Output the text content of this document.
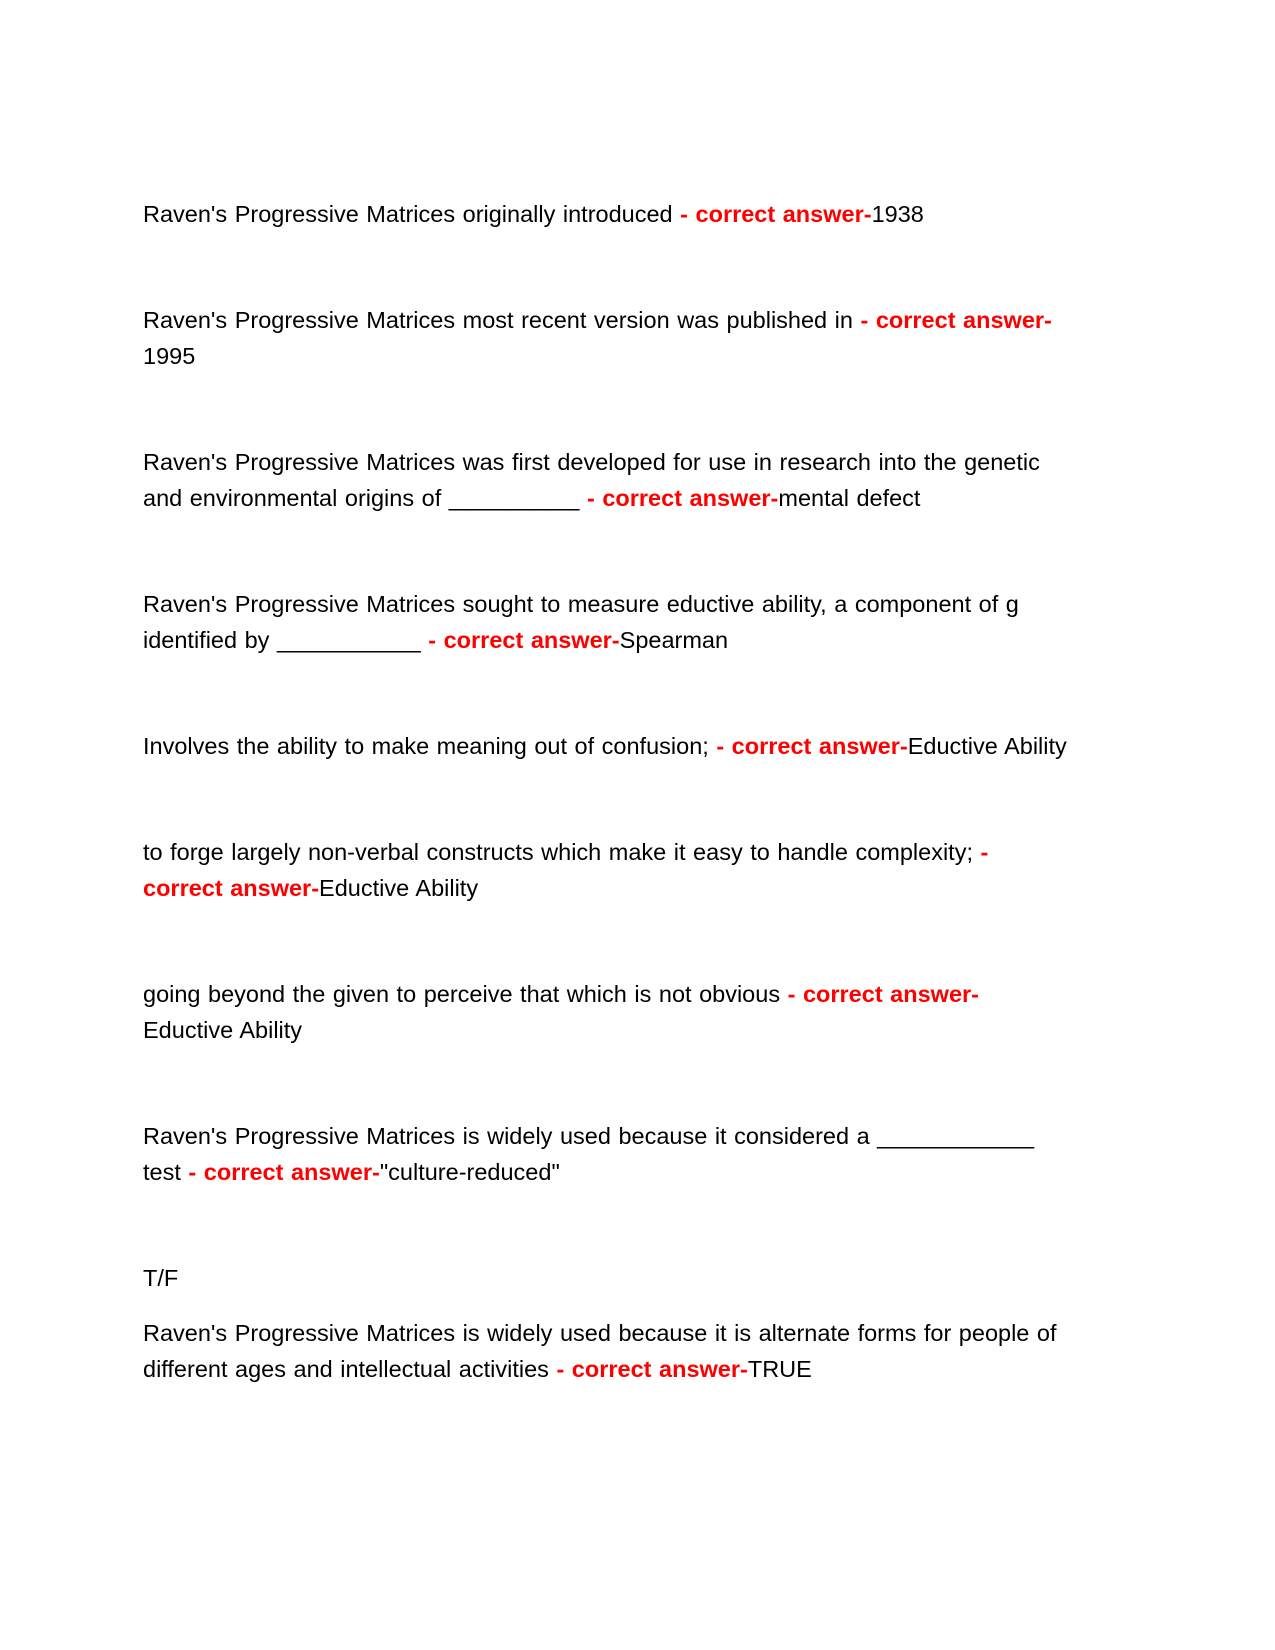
Raven's Progressive Matrices originally introduced - correct answer-1938

Raven's Progressive Matrices most recent version was published in - correct answer-1995

Raven's Progressive Matrices was first developed for use in research into the genetic and environmental origins of __________ - correct answer-mental defect

Raven's Progressive Matrices sought to measure eductive ability, a component of g identified by ___________ - correct answer-Spearman

Involves the ability to make meaning out of confusion; - correct answer-Eductive Ability

to forge largely non-verbal constructs which make it easy to handle complexity; - correct answer-Eductive Ability

going beyond the given to perceive that which is not obvious - correct answer-Eductive Ability

Raven's Progressive Matrices is widely used because it considered a ____________ test - correct answer-"culture-reduced"

T/F

Raven's Progressive Matrices is widely used because it is alternate forms for people of different ages and intellectual activities - correct answer-TRUE
